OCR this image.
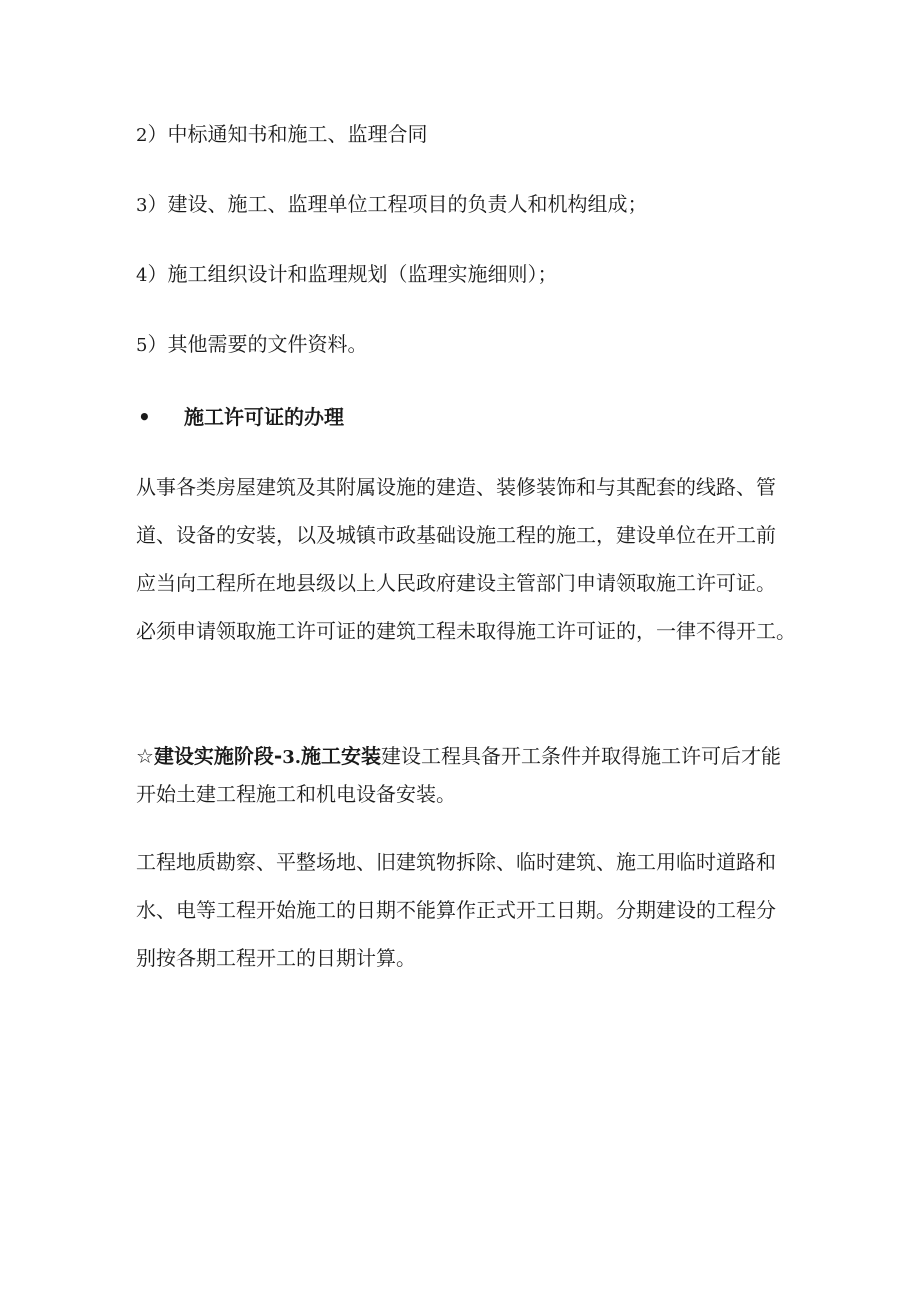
2）中标通知书和施工、监理合同
3）建设、施工、监理单位工程项目的负责人和机构组成；
4）施工组织设计和监理规划（监理实施细则）；
5）其他需要的文件资料。
• 施工许可证的办理
从事各类房屋建筑及其附属设施的建造、装修装饰和与其配套的线路、管
道、设备的安装，以及城镇市政基础设施工程的施工，建设单位在开工前
应当向工程所在地县级以上人民政府建设主管部门申请领取施工许可证。
必须申请领取施工许可证的建筑工程未取得施工许可证的，一律不得开工。
☆建设实施阶段-3.施工安装建设工程具备开工条件并取得施工许可后才能
开始土建工程施工和机电设备安装。
工程地质勘察、平整场地、旧建筑物拆除、临时建筑、施工用临时道路和
水、电等工程开始施工的日期不能算作正式开工日期。分期建设的工程分
别按各期工程开工的日期计算。
